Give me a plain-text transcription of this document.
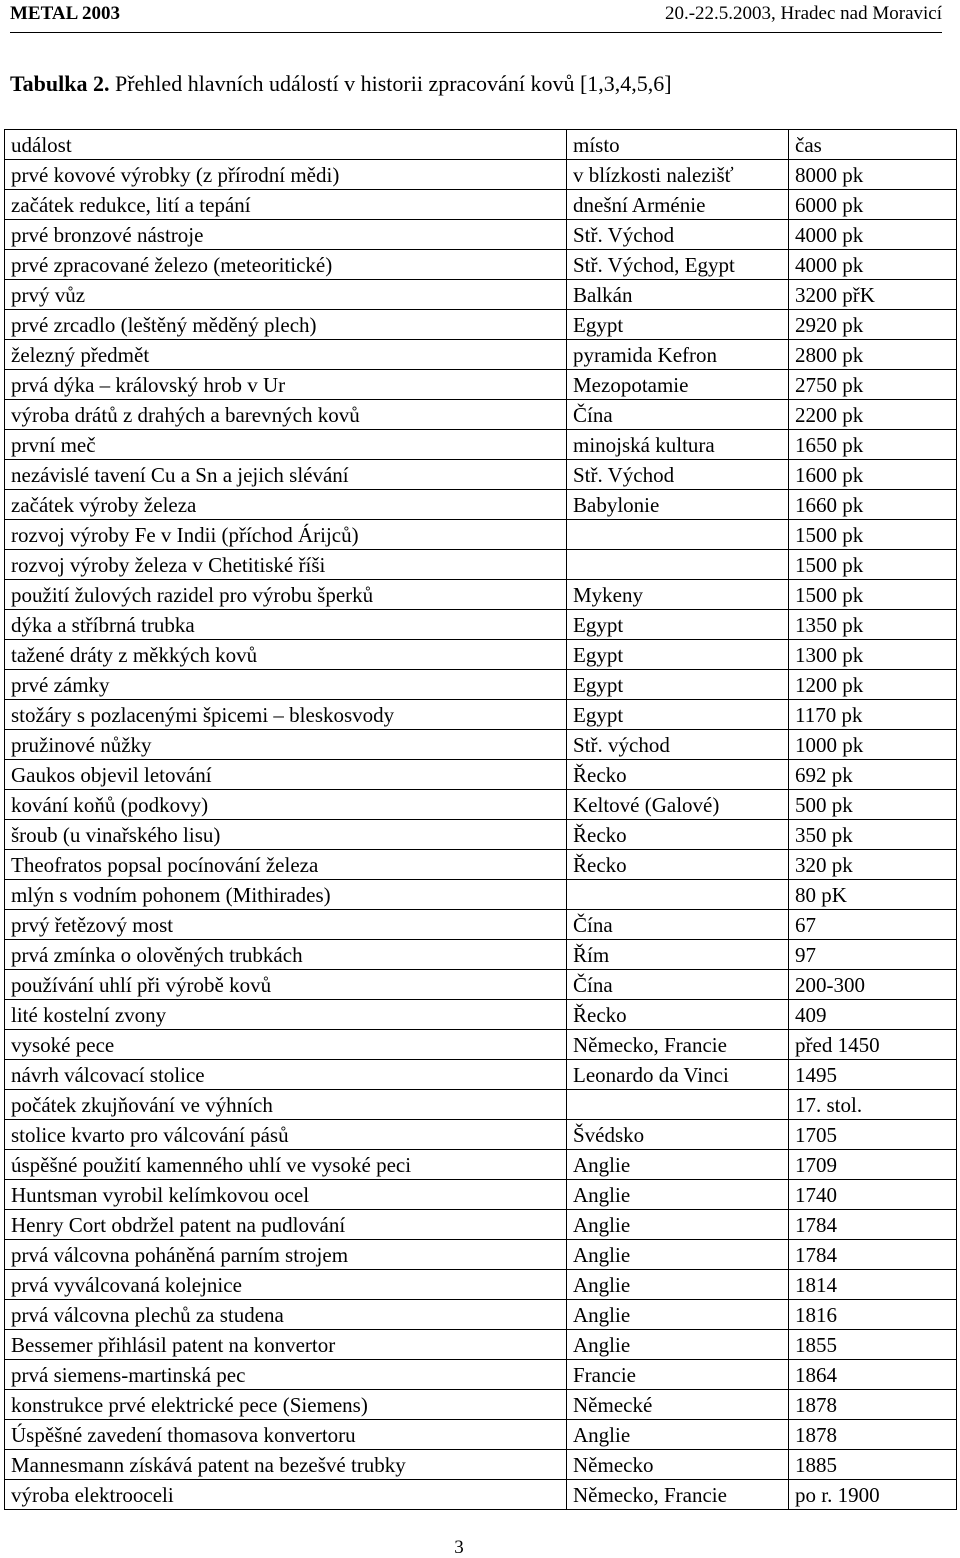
METAL 2003	20.-22.5.2003, Hradec nad Moravicí
Tabulka 2. Přehled hlavních událostí v historii zpracování kovů [1,3,4,5,6]
událost	místo	čas
prvé kovové výrobky (z přírodní mědi)	v blízkosti nalezišť	8000 pk
začátek redukce, lití a tepání	dnešní Arménie	6000 pk
prvé bronzové nástroje	Stř. Východ	4000 pk
prvé zpracované železo (meteoritické)	Stř. Východ, Egypt	4000 pk
prvý vůz	Balkán	3200 přK
prvé zrcadlo (leštěný měděný plech)	Egypt	2920 pk
železný předmět	pyramida Kefron	2800 pk
prvá dýka – královský hrob v Ur	Mezopotamie	2750 pk
výroba drátů z drahých a barevných kovů	Čína	2200 pk
první meč	minojská kultura	1650 pk
nezávislé tavení Cu a Sn a jejich slévání	Stř. Východ	1600 pk
začátek výroby železa	Babylonie	1660 pk
rozvoj výroby Fe v Indii (příchod Árijců)		1500 pk
rozvoj výroby železa v Chetitiské říši		1500 pk
použití žulových razidel pro výrobu šperků	Mykeny	1500 pk
dýka a stříbrná trubka	Egypt	1350 pk
tažené dráty z měkkých kovů	Egypt	1300 pk
prvé zámky	Egypt	1200 pk
stožáry s pozlacenými špicemi – bleskosvody	Egypt	1170 pk
pružinové nůžky	Stř. východ	1000 pk
Gaukos objevil letování	Řecko	692 pk
kování koňů (podkovy)	Keltové (Galové)	500 pk
šroub (u vinařského lisu)	Řecko	350 pk
Theofratos popsal pocínování železa	Řecko	320 pk
mlýn s vodním pohonem (Mithirades)		80 pK
prvý řetězový most	Čína	67
prvá zmínka o olověných trubkách	Řím	97
používání uhlí při výrobě kovů	Čína	200-300
lité kostelní zvony	Řecko	409
vysoké pece	Německo, Francie	před 1450
návrh válcovací stolice	Leonardo da Vinci	1495
počátek zkujňování ve výhních		17. stol.
stolice kvarto pro válcování pásů	Švédsko	1705
úspěšné použití kamenného uhlí ve vysoké peci	Anglie	1709
Huntsman vyrobil kelímkovou ocel	Anglie	1740
Henry Cort obdržel patent na pudlování	Anglie	1784
prvá válcovna poháněná parním strojem	Anglie	1784
prvá vyválcovaná kolejnice	Anglie	1814
prvá válcovna plechů za studena	Anglie	1816
Bessemer přihlásil patent na konvertor	Anglie	1855
prvá siemens-martinská pec	Francie	1864
konstrukce prvé elektrické pece (Siemens)	Německé	1878
Úspěšné zavedení thomasova konvertoru	Anglie	1878
Mannesmann získává patent na bezešvé trubky	Německo	1885
výroba elektrooceli	Německo, Francie	po r. 1900
3
